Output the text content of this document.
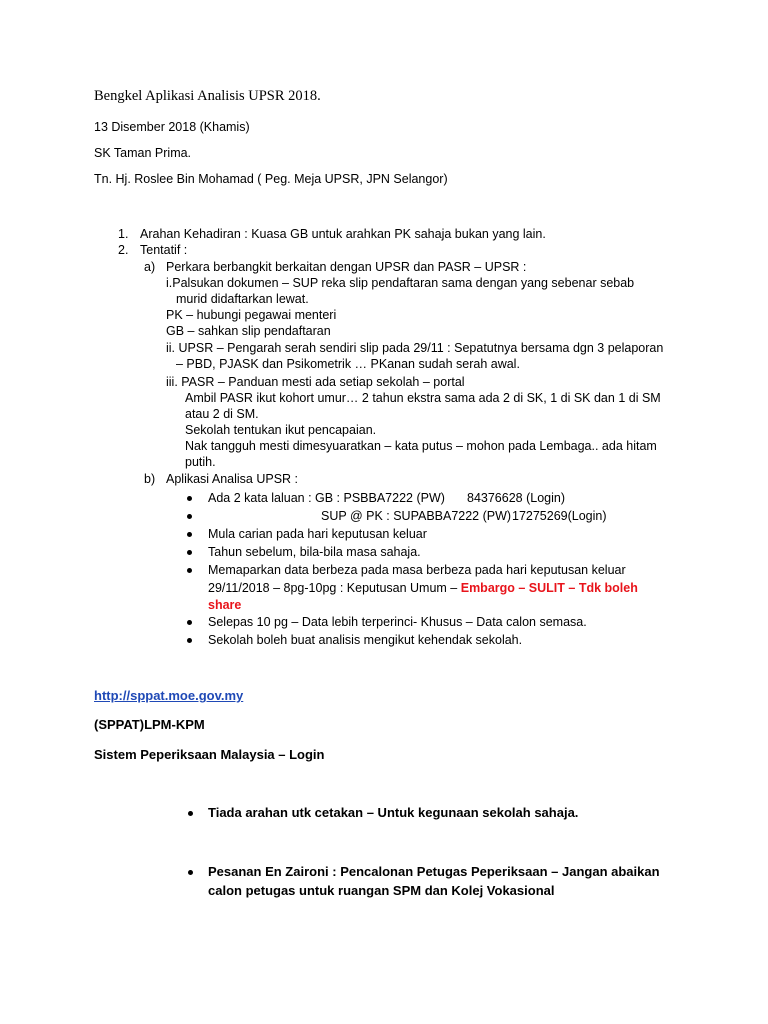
Bengkel Aplikasi Analisis UPSR 2018.
13 Disember 2018 (Khamis)
SK Taman Prima.
Tn. Hj. Roslee Bin Mohamad ( Peg. Meja UPSR, JPN Selangor)
1. Arahan Kehadiran : Kuasa GB untuk arahkan PK sahaja bukan yang lain.
2. Tentatif :
a) Perkara berbangkit berkaitan dengan UPSR dan PASR – UPSR :
i.Palsukan dokumen – SUP reka slip pendaftaran sama dengan yang sebenar sebab
murid didaftarkan lewat.
PK – hubungi pegawai menteri
GB – sahkan slip pendaftaran
ii. UPSR – Pengarah serah sendiri slip pada 29/11 : Sepatutnya bersama dgn 3 pelaporan
– PBD, PJASK dan Psikometrik … PKanan sudah serah awal.
iii. PASR – Panduan mesti ada setiap sekolah – portal
Ambil PASR ikut kohort umur… 2 tahun ekstra sama ada 2 di SK, 1 di SK dan 1 di SM
atau 2 di SM.
Sekolah tentukan ikut pencapaian.
Nak tangguh mesti dimesyuaratkan – kata putus – mohon pada Lembaga.. ada hitam
putih.
b) Aplikasi Analisa UPSR :
Ada 2 kata laluan : GB : PSBBA7222 (PW) 84376628 (Login)
SUP @ PK : SUPABBA7222 (PW) 17275269(Login)
Mula carian pada hari keputusan keluar
Tahun sebelum, bila-bila masa sahaja.
Memaparkan data berbeza pada masa berbeza pada hari keputusan keluar
29/11/2018 – 8pg-10pg : Keputusan Umum – Embargo – SULIT – Tdk boleh
share
Selepas 10 pg – Data lebih terperinci- Khusus – Data calon semasa.
Sekolah boleh buat analisis mengikut kehendak sekolah.
http://sppat.moe.gov.my
(SPPAT)LPM-KPM
Sistem Peperiksaan Malaysia – Login
Tiada arahan utk cetakan – Untuk kegunaan sekolah sahaja.
Pesanan En Zaironi : Pencalonan Petugas Peperiksaan – Jangan abaikan
calon petugas untuk ruangan SPM dan Kolej Vokasional
